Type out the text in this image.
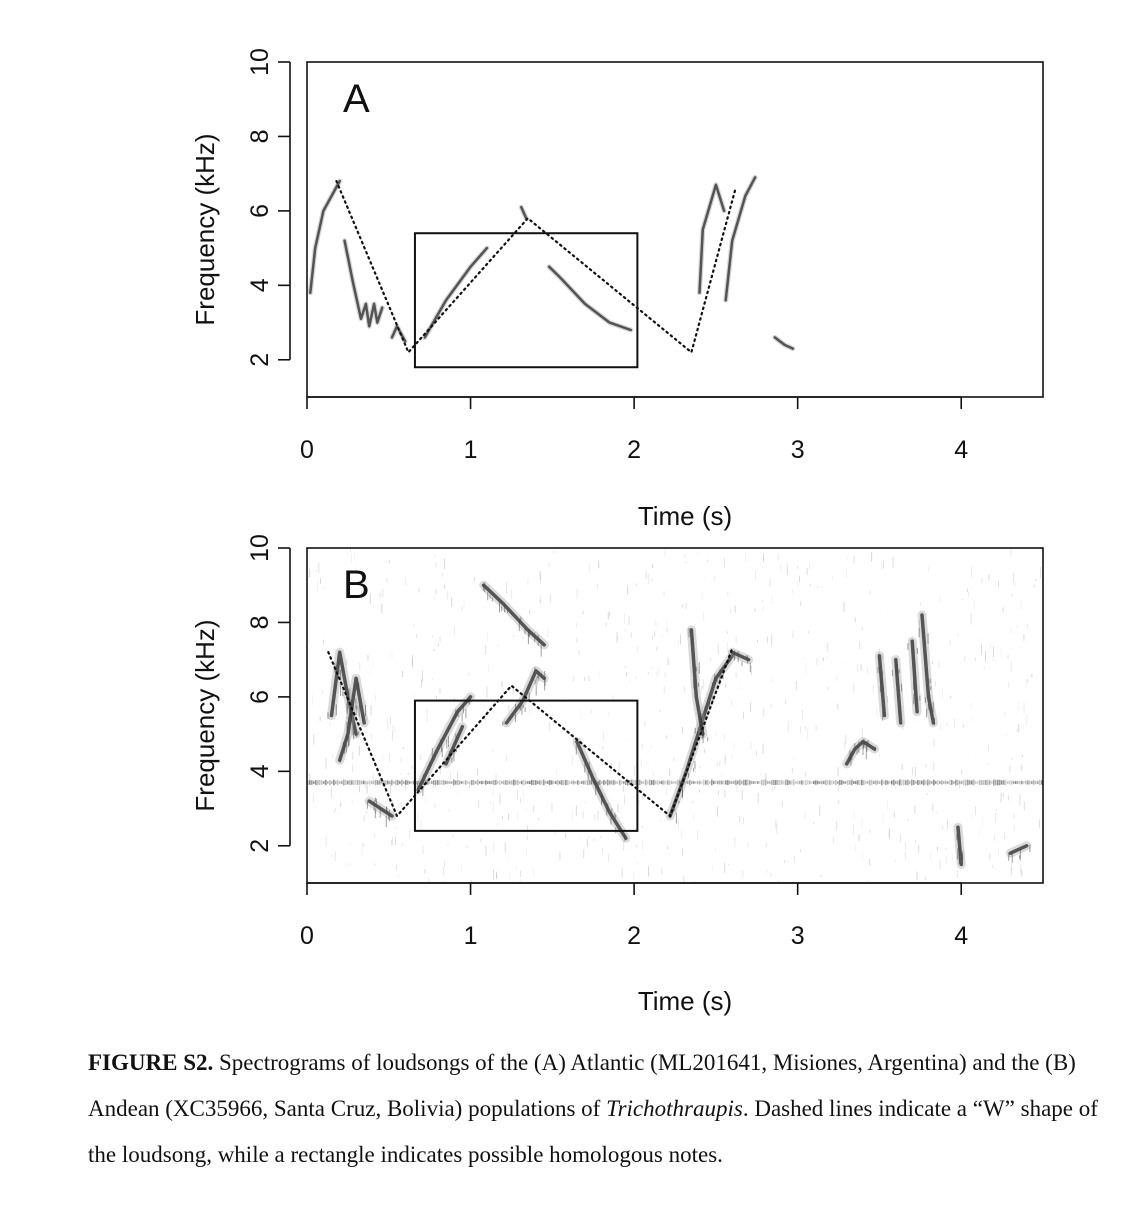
2
4
6
8
10
Frequency (kHz)
0	1	2	3	4
Time (s)
A
2
4
6
8
10
Frequency (kHz)
0	1	2	3	4
Time (s)
B
FIGURE S2. Spectrograms of loudsongs of the (A) Atlantic (ML201641, Misiones, Argentina) and the (B) Andean (XC35966, Santa Cruz, Bolivia) populations of Trichothraupis. Dashed lines indicate a “W” shape of the loudsong, while a rectangle indicates possible homologous notes.
